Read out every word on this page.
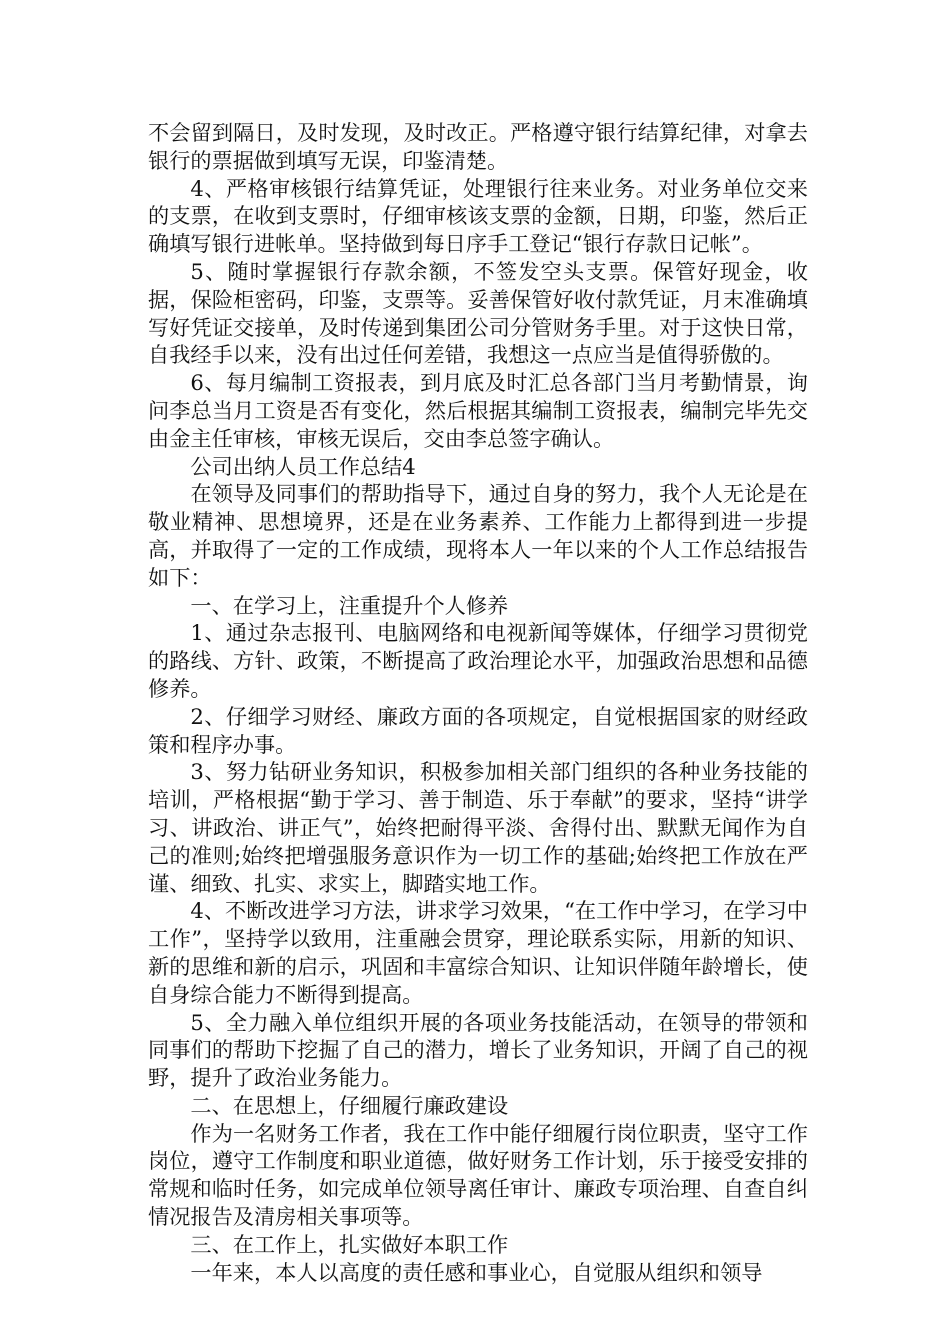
不会留到隔日，及时发现，及时改正。严格遵守银行结算纪律，对拿去银行的票据做到填写无误，印鉴清楚。

4、严格审核银行结算凭证，处理银行往来业务。对业务单位交来的支票，在收到支票时，仔细审核该支票的金额，日期，印鉴，然后正确填写银行进帐单。坚持做到每日序手工登记“银行存款日记帐”。

5、随时掌握银行存款余额，不签发空头支票。保管好现金，收据，保险柜密码，印鉴，支票等。妥善保管好收付款凭证，月末准确填写好凭证交接单，及时传递到集团公司分管财务手里。对于这快日常，自我经手以来，没有出过任何差错，我想这一点应当是值得骄傲的。

6、每月编制工资报表，到月底及时汇总各部门当月考勤情景，询问李总当月工资是否有变化，然后根据其编制工资报表，编制完毕先交由金主任审核，审核无误后，交由李总签字确认。

公司出纳人员工作总结4

在领导及同事们的帮助指导下，通过自身的努力，我个人无论是在敬业精神、思想境界，还是在业务素养、工作能力上都得到进一步提高，并取得了一定的工作成绩，现将本人一年以来的个人工作总结报告如下：

一、在学习上，注重提升个人修养

1、通过杂志报刊、电脑网络和电视新闻等媒体，仔细学习贯彻党的路线、方针、政策，不断提高了政治理论水平，加强政治思想和品德修养。

2、仔细学习财经、廉政方面的各项规定，自觉根据国家的财经政策和程序办事。

3、努力钻研业务知识，积极参加相关部门组织的各种业务技能的培训，严格根据“勤于学习、善于制造、乐于奉献”的要求，坚持“讲学习、讲政治、讲正气”，始终把耐得平淡、舍得付出、默默无闻作为自己的准则;始终把增强服务意识作为一切工作的基础;始终把工作放在严谨、细致、扎实、求实上，脚踏实地工作。

4、不断改进学习方法，讲求学习效果，“在工作中学习，在学习中工作”，坚持学以致用，注重融会贯穿，理论联系实际，用新的知识、新的思维和新的启示，巩固和丰富综合知识、让知识伴随年龄增长，使自身综合能力不断得到提高。

5、全力融入单位组织开展的各项业务技能活动，在领导的带领和同事们的帮助下挖掘了自己的潜力，增长了业务知识，开阔了自己的视野，提升了政治业务能力。

二、在思想上，仔细履行廉政建设

作为一名财务工作者，我在工作中能仔细履行岗位职责，坚守工作岗位，遵守工作制度和职业道德，做好财务工作计划，乐于接受安排的常规和临时任务，如完成单位领导离任审计、廉政专项治理、自查自纠情况报告及清房相关事项等。

三、在工作上，扎实做好本职工作

一年来，本人以高度的责任感和事业心，自觉服从组织和领导
